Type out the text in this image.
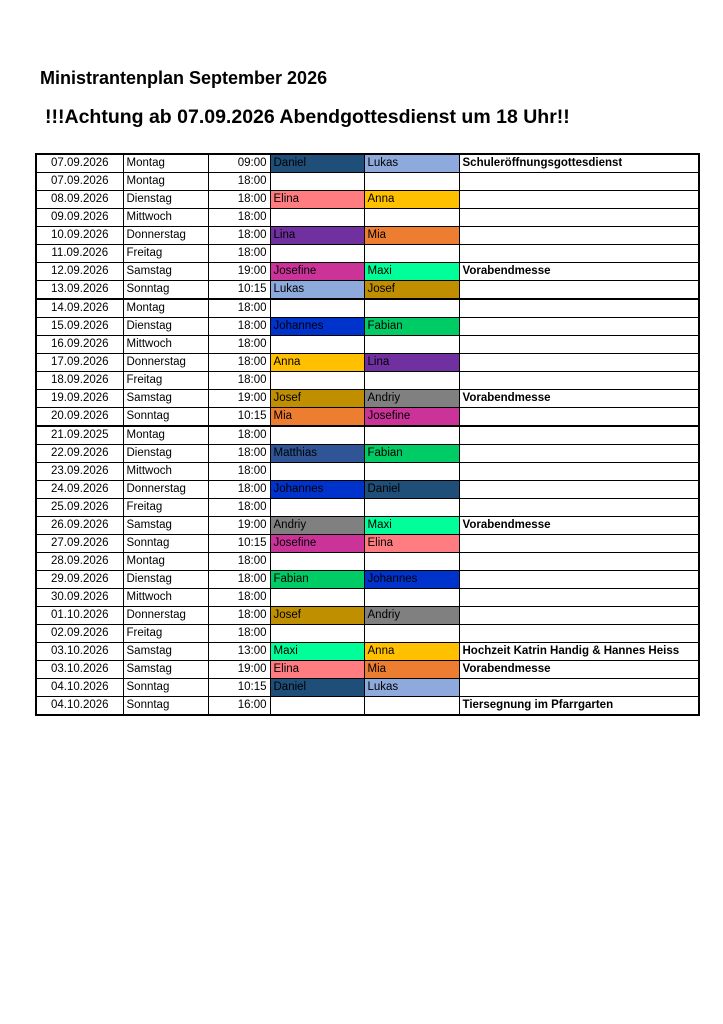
Ministrantenplan September 2026
!!!Achtung ab 07.09.2026 Abendgottesdienst um 18 Uhr!!
07.09.2026	Montag	09:00	Daniel	Lukas	Schuleröffnungsgottesdienst
07.09.2026	Montag	18:00			
08.09.2026	Dienstag	18:00	Elina	Anna	
09.09.2026	Mittwoch	18:00			
10.09.2026	Donnerstag	18:00	Lina	Mia	
11.09.2026	Freitag	18:00			
12.09.2026	Samstag	19:00	Josefine	Maxi	Vorabendmesse
13.09.2026	Sonntag	10:15	Lukas	Josef	
14.09.2026	Montag	18:00			
15.09.2026	Dienstag	18:00	Johannes	Fabian	
16.09.2026	Mittwoch	18:00			
17.09.2026	Donnerstag	18:00	Anna	Lina	
18.09.2026	Freitag	18:00			
19.09.2026	Samstag	19:00	Josef	Andriy	Vorabendmesse
20.09.2026	Sonntag	10:15	Mia	Josefine	
21.09.2025	Montag	18:00			
22.09.2026	Dienstag	18:00	Matthias	Fabian	
23.09.2026	Mittwoch	18:00			
24.09.2026	Donnerstag	18:00	Johannes	Daniel	
25.09.2026	Freitag	18:00			
26.09.2026	Samstag	19:00	Andriy	Maxi	Vorabendmesse
27.09.2026	Sonntag	10:15	Josefine	Elina	
28.09.2026	Montag	18:00			
29.09.2026	Dienstag	18:00	Fabian	Johannes	
30.09.2026	Mittwoch	18:00			
01.10.2026	Donnerstag	18:00	Josef	Andriy	
02.09.2026	Freitag	18:00			
03.10.2026	Samstag	13:00	Maxi	Anna	Hochzeit Katrin Handig & Hannes Heiss
03.10.2026	Samstag	19:00	Elina	Mia	Vorabendmesse
04.10.2026	Sonntag	10:15	Daniel	Lukas	
04.10.2026	Sonntag	16:00			Tiersegnung im Pfarrgarten
